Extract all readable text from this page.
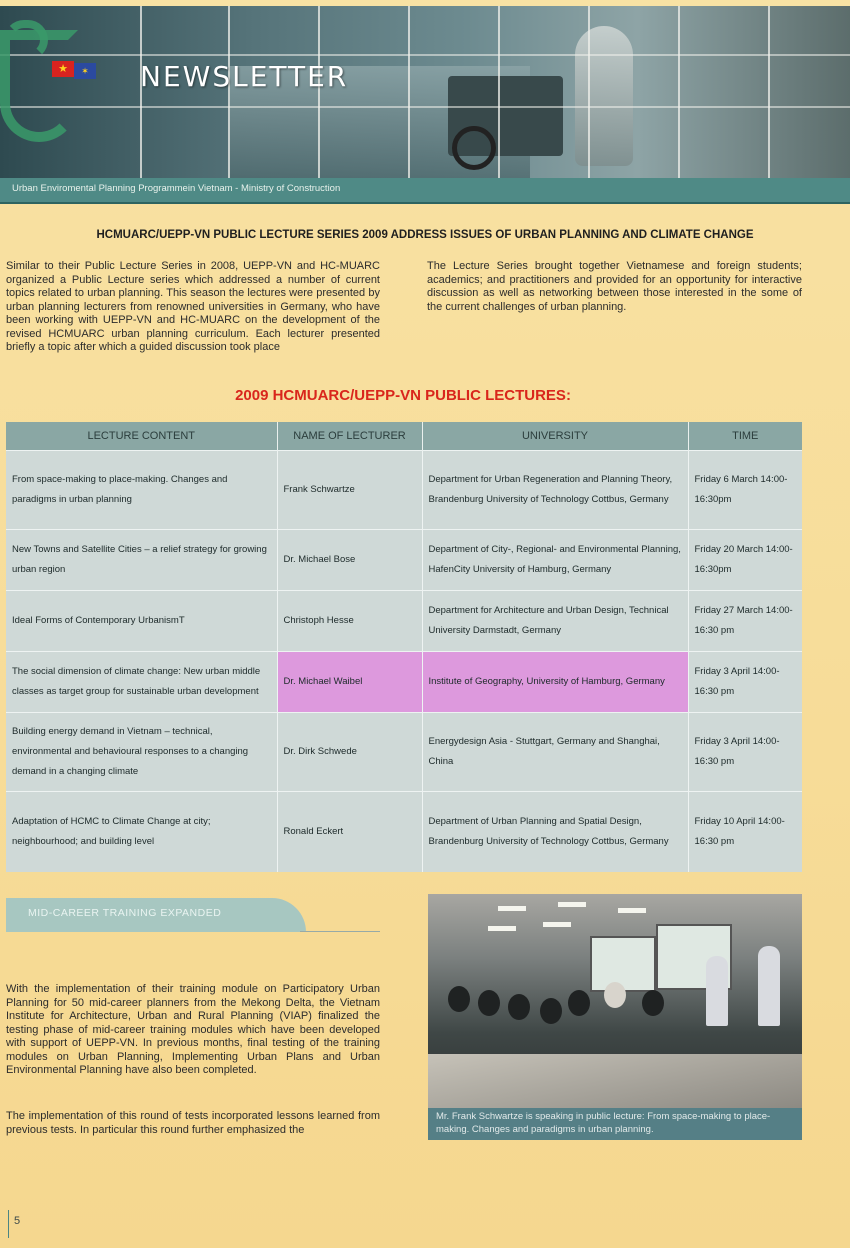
★	✶ NEWSLETTER
Urban Enviromental Planning Programmein Vietnam - Ministry of Construction
HCMUARC/UEPP-VN PUBLIC LECTURE SERIES 2009 ADDRESS ISSUES OF URBAN PLANNING AND CLIMATE CHANGE

Similar to their Public Lecture Series in 2008, UEPP-VN and HC-MUARC organized a Public Lecture series which addressed a number of current topics related to urban planning. This season the lectures were presented by urban planning lecturers from renowned universities in Germany, who have been working with UEPP-VN and HC-MUARC on the development of the revised HCMUARC urban planning curriculum. Each lecturer presented briefly a topic after which a guided discussion took place

The Lecture Series brought together Vietnamese and foreign students; academics; and practitioners and provided for an opportunity for interactive discussion as well as networking between those interested in the some of the current challenges of urban planning.

2009 HCMUARC/UEPP-VN PUBLIC LECTURES:
LECTURE CONTENT	NAME OF LECTURER	UNIVERSITY	TIME
From space-making to place-making. Changes and paradigms in urban planning	Frank Schwartze	Department for Urban Regeneration and Planning Theory, Brandenburg University of Technology Cottbus, Germany	Friday 6 March 14:00-16:30pm
New Towns and Satellite Cities – a relief strategy for growing urban region	Dr. Michael Bose	Department of City-, Regional- and Environmental Planning, HafenCity University of Hamburg, Germany	Friday 20 March 14:00-16:30pm
Ideal Forms of Contemporary UrbanismT	Christoph Hesse	Department for Architecture and Urban Design, Technical University Darmstadt, Germany	Friday 27 March 14:00-16:30 pm
The social dimension of climate change: New urban middle classes as target group for sustainable urban development	Dr. Michael Waibel	Institute of Geography, University of Hamburg, Germany	Friday 3 April 14:00-16:30 pm
Building energy demand in Vietnam – technical, environmental and behavioural responses to a changing demand in a changing climate	Dr. Dirk Schwede	Energydesign Asia - Stuttgart, Germany and Shanghai, China	Friday 3 April 14:00-16:30 pm
Adaptation of HCMC to Climate Change at city; neighbourhood; and building level	Ronald Eckert	Department of Urban Planning and Spatial Design, Brandenburg University of Technology Cottbus, Germany	Friday 10 April 14:00-16:30 pm
MID-CAREER TRAINING EXPANDED

With the implementation of their training module on Participatory Urban Planning for 50 mid-career planners from the Mekong Delta, the Vietnam Institute for Architecture, Urban and Rural Planning (VIAP) finalized the testing phase of mid-career training modules which have been developed with support of UEPP-VN. In previous months, final testing of the training modules on Urban Planning, Implementing Urban Plans and Urban Environmental Planning have also been completed.

The implementation of this round of tests incorporated lessons learned from previous tests. In particular this round further emphasized the

Mr. Frank Schwartze is speaking in public lecture: From space-making to place-making. Changes and paradigms in urban planning.
5
